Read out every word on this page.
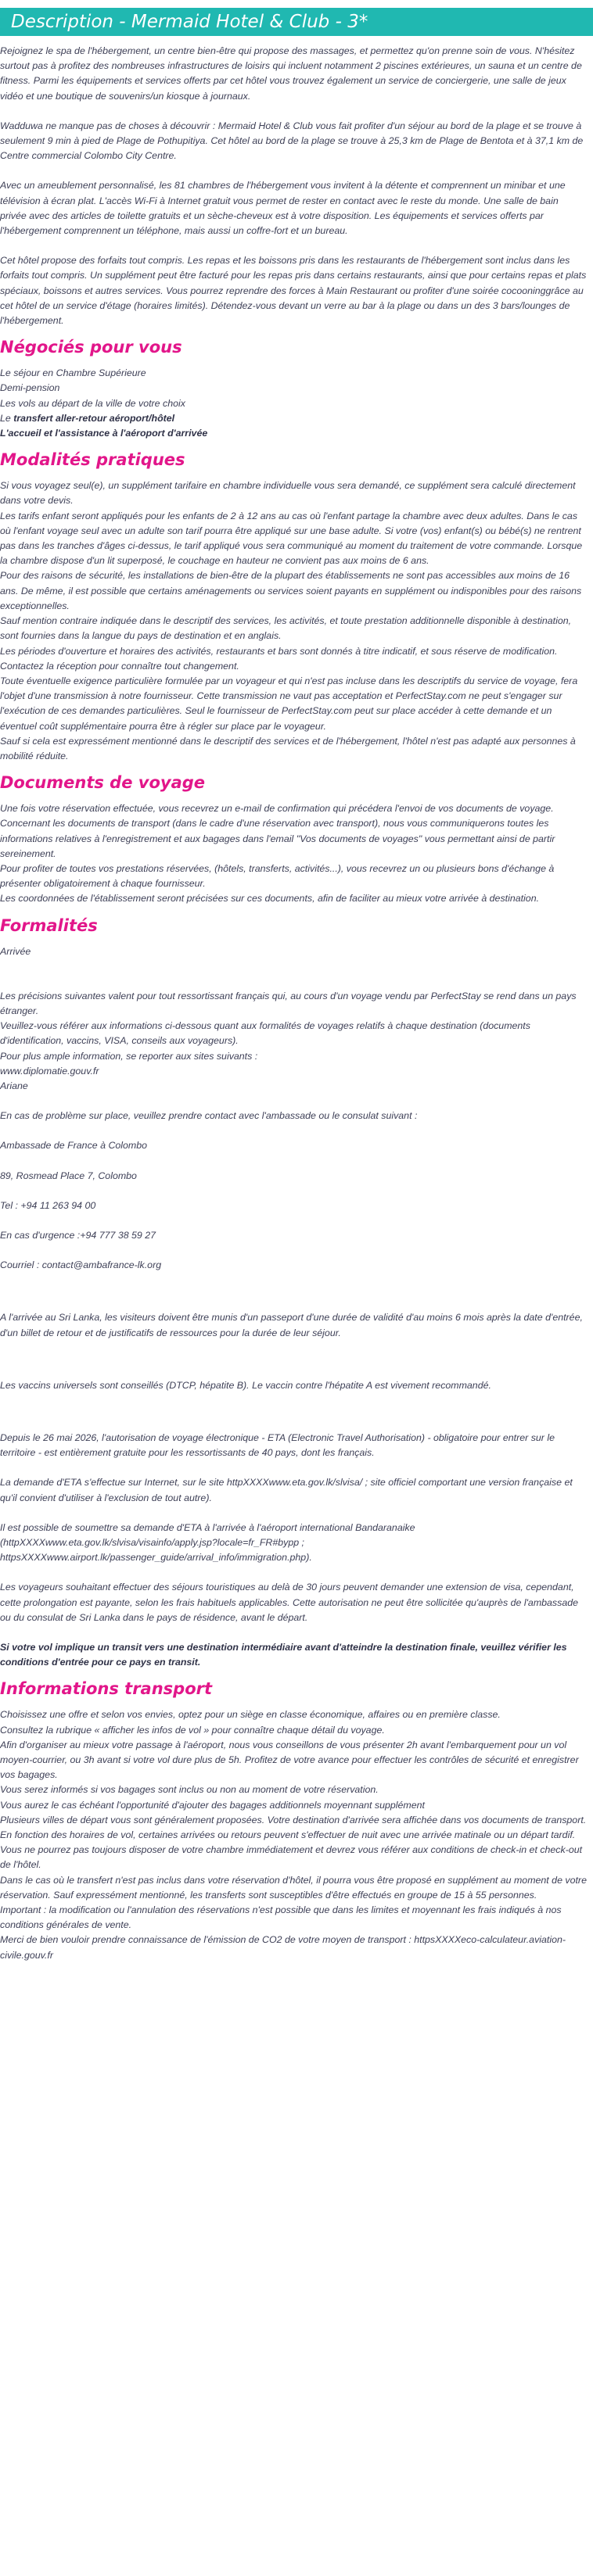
Description - Mermaid Hotel & Club - 3*

Rejoignez le spa de l'hébergement, un centre bien-être qui propose des massages, et permettez qu'on prenne soin de vous. N'hésitez surtout pas à profitez des nombreuses infrastructures de loisirs qui incluent notamment 2 piscines extérieures, un sauna et un centre de fitness. Parmi les équipements et services offerts par cet hôtel vous trouvez également un service de conciergerie, une salle de jeux vidéo et une boutique de souvenirs/un kiosque à journaux.

Wadduwa ne manque pas de choses à découvrir : Mermaid Hotel & Club vous fait profiter d'un séjour au bord de la plage et se trouve à seulement 9 min à pied de Plage de Pothupitiya. Cet hôtel au bord de la plage se trouve à 25,3 km de Plage de Bentota et à 37,1 km de Centre commercial Colombo City Centre.

Avec un ameublement personnalisé, les 81 chambres de l'hébergement vous invitent à la détente et comprennent un minibar et une télévision à écran plat. L'accès Wi-Fi à Internet gratuit vous permet de rester en contact avec le reste du monde. Une salle de bain privée avec des articles de toilette gratuits et un sèche-cheveux est à votre disposition. Les équipements et services offerts par l'hébergement comprennent un téléphone, mais aussi un coffre-fort et un bureau.

Cet hôtel propose des forfaits tout compris. Les repas et les boissons pris dans les restaurants de l'hébergement sont inclus dans les forfaits tout compris. Un supplément peut être facturé pour les repas pris dans certains restaurants, ainsi que pour certains repas et plats spéciaux, boissons et autres services. Vous pourrez reprendre des forces à Main Restaurant ou profiter d'une soirée cocooninggrâce au cet hôtel de un service d'étage (horaires limités). Détendez-vous devant un verre au bar à la plage ou dans un des 3 bars/lounges de l'hébergement.

Négociés pour vous
Le séjour en Chambre Supérieure
Demi-pension
Les vols au départ de la ville de votre choix
Le transfert aller-retour aéroport/hôtel
L'accueil et l'assistance à l'aéroport d'arrivée
Modalités pratiques

Si vous voyagez seul(e), un supplément tarifaire en chambre individuelle vous sera demandé, ce supplément sera calculé directement dans votre devis.

Les tarifs enfant seront appliqués pour les enfants de 2 à 12 ans au cas où l'enfant partage la chambre avec deux adultes. Dans le cas où l'enfant voyage seul avec un adulte son tarif pourra être appliqué sur une base adulte. Si votre (vos) enfant(s) ou bébé(s) ne rentrent pas dans les tranches d'âges ci-dessus, le tarif appliqué vous sera communiqué au moment du traitement de votre commande. Lorsque la chambre dispose d'un lit superposé, le couchage en hauteur ne convient pas aux moins de 6 ans.

Pour des raisons de sécurité, les installations de bien-être de la plupart des établissements ne sont pas accessibles aux moins de 16 ans. De même, il est possible que certains aménagements ou services soient payants en supplément ou indisponibles pour des raisons exceptionnelles.

Sauf mention contraire indiquée dans le descriptif des services, les activités, et toute prestation additionnelle disponible à destination, sont fournies dans la langue du pays de destination et en anglais.

Les périodes d'ouverture et horaires des activités, restaurants et bars sont donnés à titre indicatif, et sous réserve de modification. Contactez la réception pour connaître tout changement.

Toute éventuelle exigence particulière formulée par un voyageur et qui n'est pas incluse dans les descriptifs du service de voyage, fera l'objet d'une transmission à notre fournisseur. Cette transmission ne vaut pas acceptation et PerfectStay.com ne peut s'engager sur l'exécution de ces demandes particulières. Seul le fournisseur de PerfectStay.com peut sur place accéder à cette demande et un éventuel coût supplémentaire pourra être à régler sur place par le voyageur.

Sauf si cela est expressément mentionné dans le descriptif des services et de l'hébergement, l'hôtel n'est pas adapté aux personnes à mobilité réduite.

Documents de voyage

Une fois votre réservation effectuée, vous recevrez un e-mail de confirmation qui précédera l'envoi de vos documents de voyage.

Concernant les documents de transport (dans le cadre d'une réservation avec transport), nous vous communiquerons toutes les informations relatives à l'enregistrement et aux bagages dans l'email "Vos documents de voyages" vous permettant ainsi de partir sereinement.

Pour profiter de toutes vos prestations réservées, (hôtels, transferts, activités...), vous recevrez un ou plusieurs bons d'échange à présenter obligatoirement à chaque fournisseur.

Les coordonnées de l'établissement seront précisées sur ces documents, afin de faciliter au mieux votre arrivée à destination.

Formalités

Arrivée

Les précisions suivantes valent pour tout ressortissant français qui, au cours d'un voyage vendu par PerfectStay se rend dans un pays étranger.

Veuillez-vous référer aux informations ci-dessous quant aux formalités de voyages relatifs à chaque destination (documents d'identification, vaccins, VISA, conseils aux voyageurs).

Pour plus ample information, se reporter aux sites suivants :

www.diplomatie.gouv.fr

Ariane

En cas de problème sur place, veuillez prendre contact avec l'ambassade ou le consulat suivant :

Ambassade de France à Colombo

89, Rosmead Place 7, Colombo

Tel : +94 11 263 94 00

En cas d'urgence :+94 777 38 59 27

Courriel : contact@ambafrance-lk.org

A l'arrivée au Sri Lanka, les visiteurs doivent être munis d'un passeport d'une durée de validité d'au moins 6 mois après la date d'entrée, d'un billet de retour et de justificatifs de ressources pour la durée de leur séjour.

Les vaccins universels sont conseillés (DTCP, hépatite B). Le vaccin contre l'hépatite A est vivement recommandé.

Depuis le 26 mai 2026, l'autorisation de voyage électronique - ETA (Electronic Travel Authorisation) - obligatoire pour entrer sur le territoire - est entièrement gratuite pour les ressortissants de 40 pays, dont les français.

La demande d'ETA s'effectue sur Internet, sur le site httpXXXXwww.eta.gov.lk/slvisa/ ; site officiel comportant une version française et qu'il convient d'utiliser à l'exclusion de tout autre).

Il est possible de soumettre sa demande d'ETA à l'arrivée à l'aéroport international Bandaranaike (httpXXXXwww.eta.gov.lk/slvisa/visainfo/apply.jsp?locale=fr_FR#bypp ; httpsXXXXwww.airport.lk/passenger_guide/arrival_info/immigration.php).

Les voyageurs souhaitant effectuer des séjours touristiques au delà de 30 jours peuvent demander une extension de visa, cependant, cette prolongation est payante, selon les frais habituels applicables. Cette autorisation ne peut être sollicitée qu'auprès de l'ambassade ou du consulat de Sri Lanka dans le pays de résidence, avant le départ.

Si votre vol implique un transit vers une destination intermédiaire avant d'atteindre la destination finale, veuillez vérifier les conditions d'entrée pour ce pays en transit.

Informations transport

Choisissez une offre et selon vos envies, optez pour un siège en classe économique, affaires ou en première classe.

Consultez la rubrique « afficher les infos de vol » pour connaître chaque détail du voyage.

Afin d'organiser au mieux votre passage à l'aéroport, nous vous conseillons de vous présenter 2h avant l'embarquement pour un vol moyen-courrier, ou 3h avant si votre vol dure plus de 5h. Profitez de votre avance pour effectuer les contrôles de sécurité et enregistrer vos bagages.

Vous serez informés si vos bagages sont inclus ou non au moment de votre réservation.

Vous aurez le cas échéant l'opportunité d'ajouter des bagages additionnels moyennant supplément

Plusieurs villes de départ vous sont généralement proposées. Votre destination d'arrivée sera affichée dans vos documents de transport.

En fonction des horaires de vol, certaines arrivées ou retours peuvent s'effectuer de nuit avec une arrivée matinale ou un départ tardif. Vous ne pourrez pas toujours disposer de votre chambre immédiatement et devrez vous référer aux conditions de check-in et check-out de l'hôtel.

Dans le cas où le transfert n'est pas inclus dans votre réservation d'hôtel, il pourra vous être proposé en supplément au moment de votre réservation. Sauf expressément mentionné, les transferts sont susceptibles d'être effectués en groupe de 15 à 55 personnes.

Important : la modification ou l'annulation des réservations n'est possible que dans les limites et moyennant les frais indiqués à nos conditions générales de vente.

Merci de bien vouloir prendre connaissance de l'émission de CO2 de votre moyen de transport : httpsXXXXeco-calculateur.aviation-civile.gouv.fr
